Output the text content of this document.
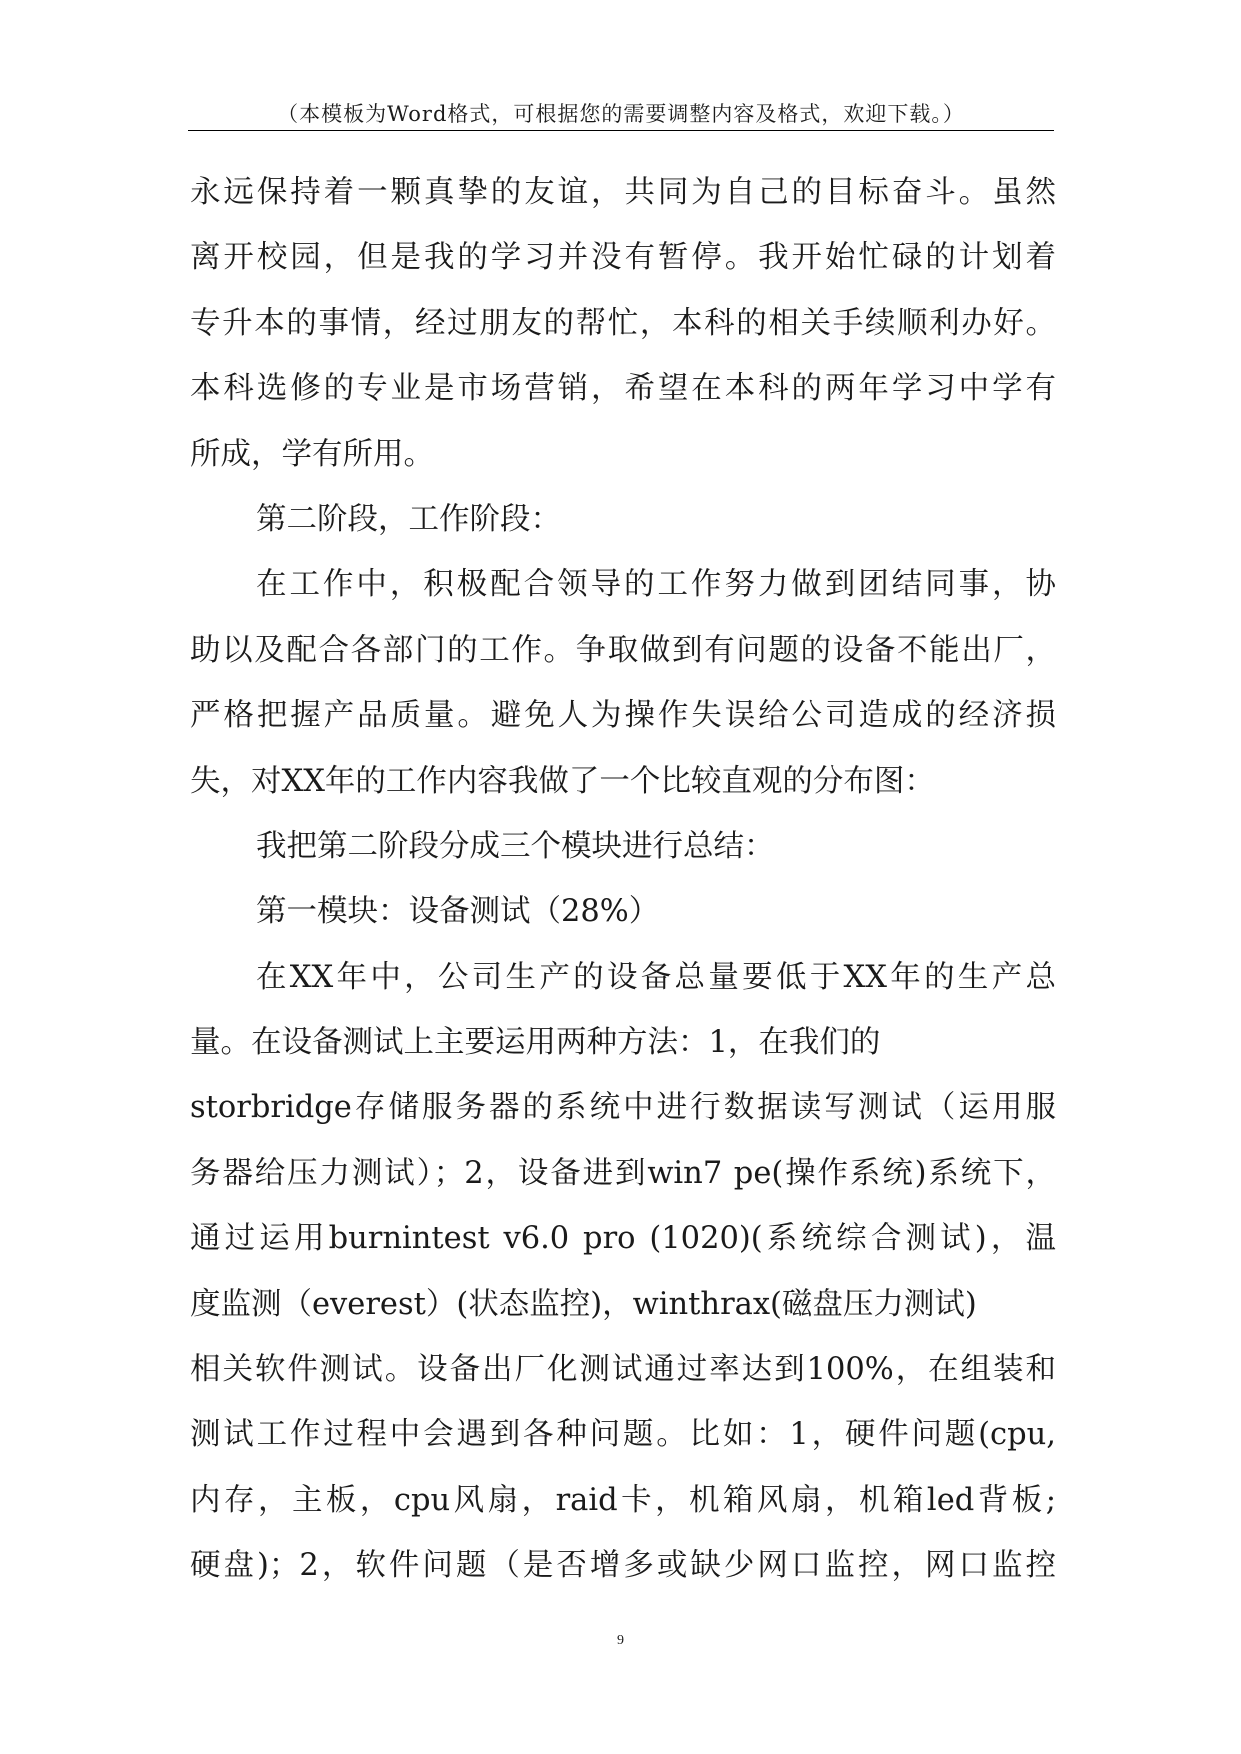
（本模板为Word格式，可根据您的需要调整内容及格式，欢迎下载。）
永远保持着一颗真挚的友谊，共同为自己的目标奋斗。虽然
离开校园，但是我的学习并没有暂停。我开始忙碌的计划着
专升本的事情，经过朋友的帮忙，本科的相关手续顺利办好。
本科选修的专业是市场营销，希望在本科的两年学习中学有
所成，学有所用。
第二阶段，工作阶段：
在工作中，积极配合领导的工作努力做到团结同事，协
助以及配合各部门的工作。争取做到有问题的设备不能出厂，
严格把握产品质量。避免人为操作失误给公司造成的经济损
失，对XX年的工作内容我做了一个比较直观的分布图：
我把第二阶段分成三个模块进行总结：
第一模块：设备测试（28%）
在XX年中，公司生产的设备总量要低于XX年的生产总
量。在设备测试上主要运用两种方法：1，在我们的
storbridge存储服务器的系统中进行数据读写测试（运用服
务器给压力测试）；2，设备进到win7 pe(操作系统)系统下，
通过运用burnintest v6.0 pro (1020)(系统综合测试)，温
度监测（everest）(状态监控)，winthrax(磁盘压力测试)
相关软件测试。设备出厂化测试通过率达到100%，在组装和
测试工作过程中会遇到各种问题。比如：1，硬件问题(cpu,
内存，主板，cpu风扇，raid卡，机箱风扇，机箱led背板;
硬盘)；2，软件问题（是否增多或缺少网口监控，网口监控
9
